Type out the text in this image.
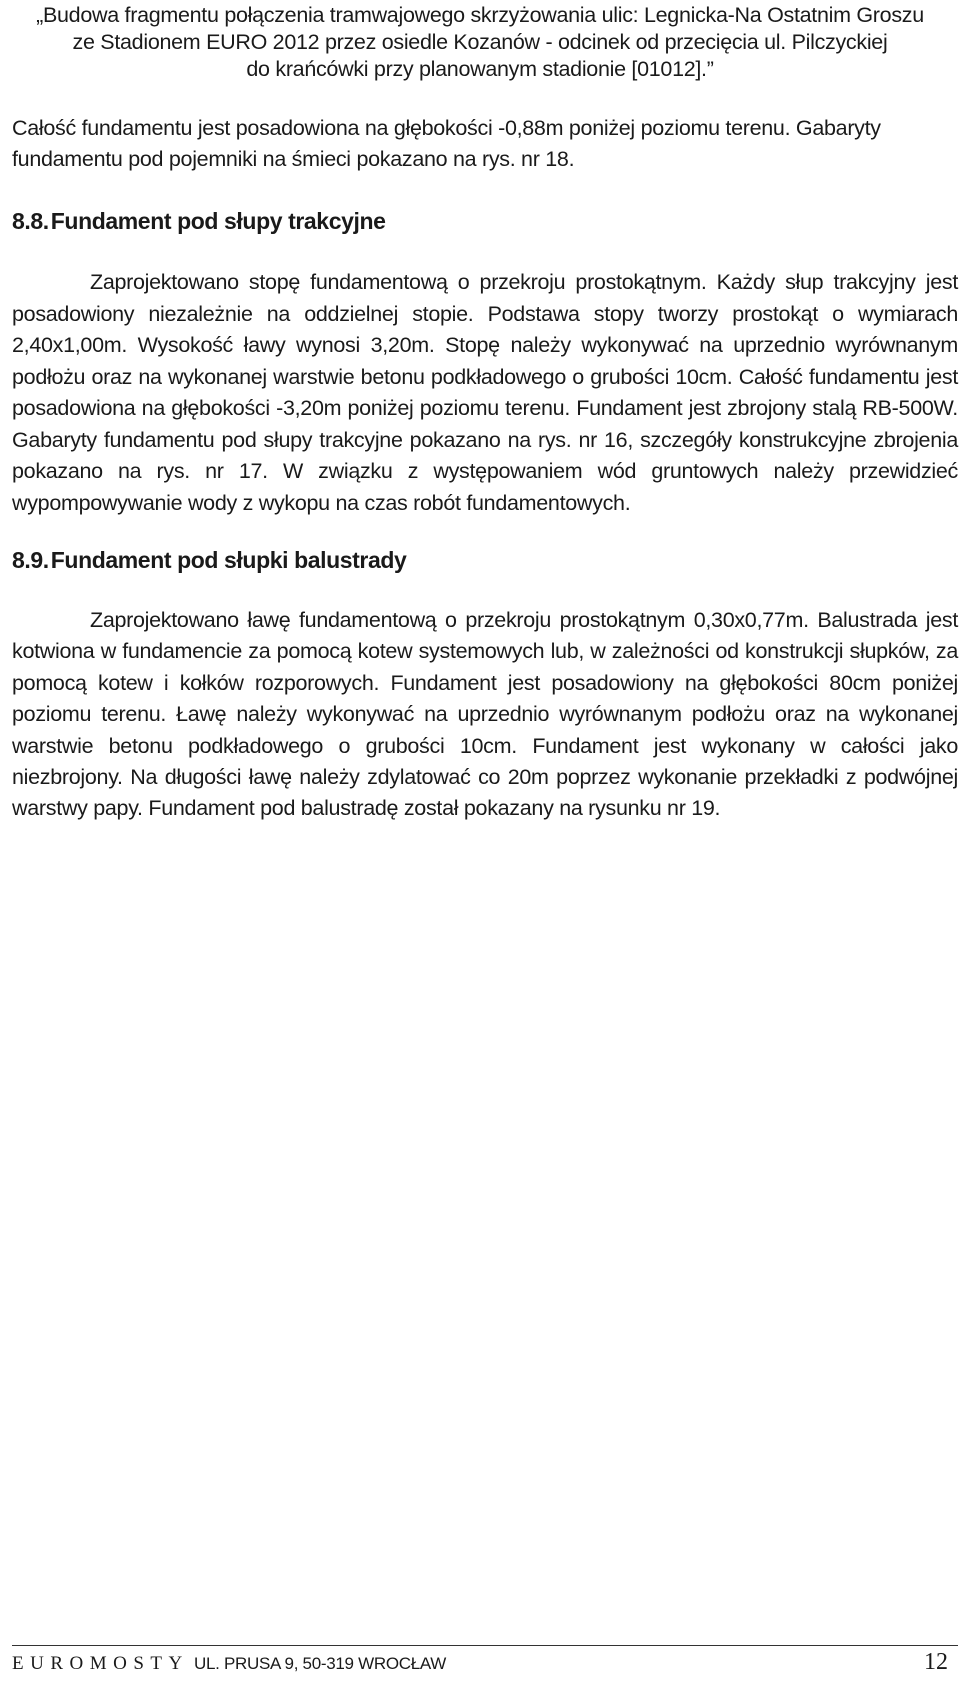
„Budowa fragmentu połączenia tramwajowego skrzyżowania ulic: Legnicka-Na Ostatnim Groszu
ze Stadionem EURO 2012 przez osiedle Kozanów - odcinek od przecięcia ul. Pilczyckiej
do krańcówki przy planowanym stadionie [01012].”

Całość fundamentu jest posadowiona na głębokości -0,88m poniżej poziomu terenu. Gabaryty fundamentu pod pojemniki na śmieci pokazano na rys. nr 18.

8.8.Fundament pod słupy trakcyjne

Zaprojektowano stopę fundamentową o przekroju prostokątnym. Każdy słup trakcyjny jest posadowiony niezależnie na oddzielnej stopie. Podstawa stopy tworzy prostokąt o wymiarach 2,40x1,00m. Wysokość ławy wynosi 3,20m. Stopę należy wykonywać na uprzednio wyrównanym podłożu oraz na wykonanej warstwie betonu podkładowego o grubości 10cm. Całość fundamentu jest posadowiona na głębokości -3,20m poniżej poziomu terenu. Fundament jest zbrojony stalą RB-500W. Gabaryty fundamentu pod słupy trakcyjne pokazano na rys. nr 16, szczegóły konstrukcyjne zbrojenia pokazano na rys. nr 17. W związku z występowaniem wód gruntowych należy przewidzieć wypompowywanie wody z wykopu na czas robót fundamentowych.

8.9.Fundament pod słupki balustrady

Zaprojektowano ławę fundamentową o przekroju prostokątnym 0,30x0,77m. Balustrada jest kotwiona w fundamencie za pomocą kotew systemowych lub, w zależności od konstrukcji słupków, za pomocą kotew i kołków rozporowych. Fundament jest posadowiony na głębokości 80cm poniżej poziomu terenu. Ławę należy wykonywać na uprzednio wyrównanym podłożu oraz na wykonanej warstwie betonu podkładowego o grubości 10cm. Fundament jest wykonany w całości jako niezbrojony. Na długości ławę należy zdylatować co 20m poprzez wykonanie przekładki z podwójnej warstwy papy. Fundament pod balustradę został pokazany na rysunku nr 19.

EUROMOSTY UL. PRUSA 9, 50-319 WROCŁAW	12
